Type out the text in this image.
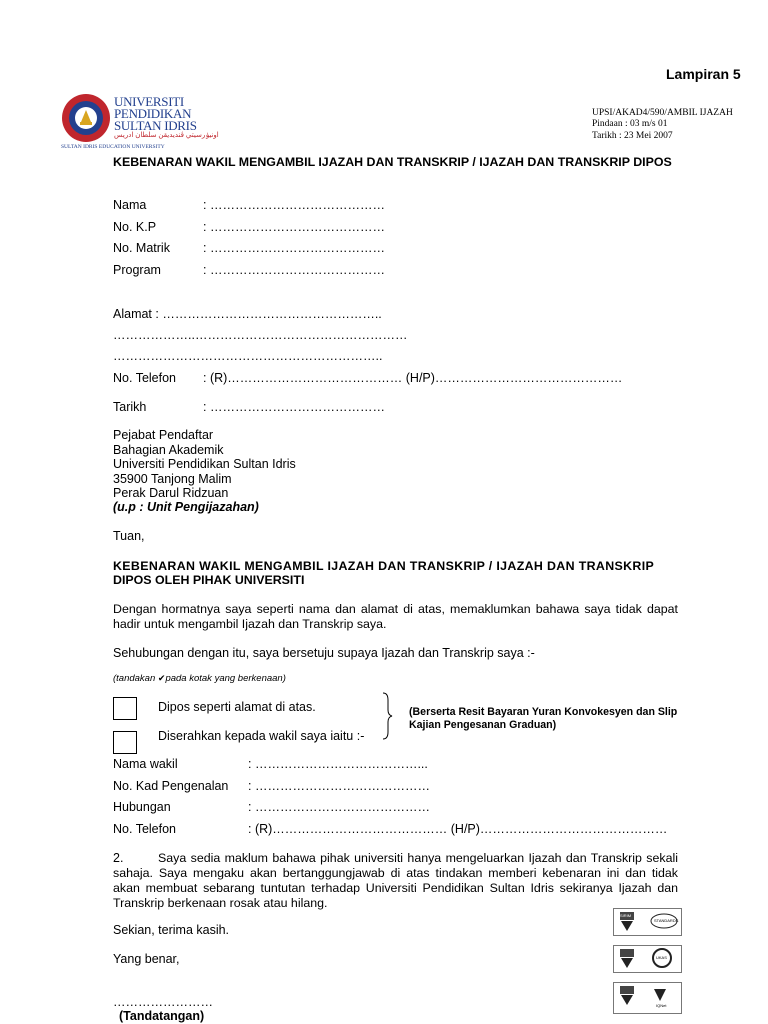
Lampiran 5
UNIVERSITI
PENDIDIKAN
SULTAN IDRIS
اونيۏرسيتي ڤنديديقن سلطان ادريس
SULTAN IDRIS EDUCATION UNIVERSITY
UPSI/AKAD4/590/AMBIL IJAZAH
Pindaan : 03 m/s 01
Tarikh : 23 Mei 2007
KEBENARAN WAKIL MENGAMBIL IJAZAH DAN TRANSKRIP / IJAZAH DAN TRANSKRIP DIPOS
Nama	: ……………………………………
No. K.P	: ……………………………………
No. Matrik	: ……………………………………
Program	: ……………………………………
Alamat : ……………………………………………..
………………..……………………………………………
………………………………………………………..
No. Telefon : (R)…………………………………… (H/P)………………………………………
Tarikh	: ……………………………………
Pejabat Pendaftar
Bahagian Akademik
Universiti Pendidikan Sultan Idris
35900 Tanjong Malim
Perak Darul Ridzuan
(u.p : Unit Pengijazahan)
Tuan,
KEBENARAN WAKIL MENGAMBIL IJAZAH DAN TRANSKRIP / IJAZAH DAN TRANSKRIP
DIPOS OLEH PIHAK UNIVERSITI
Dengan hormatnya saya seperti nama dan alamat di atas, memaklumkan bahawa saya tidak dapat hadir untuk mengambil Ijazah dan Transkrip saya.
Sehubungan dengan itu, saya bersetuju supaya Ijazah dan Transkrip saya :-
(tandakan ✔pada kotak yang berkenaan)
Dipos seperti alamat di atas.
Diserahkan kepada wakil saya iaitu :-
(Berserta Resit Bayaran Yuran Konvokesyen dan Slip
Kajian Pengesanan Graduan)
Nama wakil	: …………………………………...
No. Kad Pengenalan : ……………………………………
Hubungan	: ……………………………………
No. Telefon	: (R)…………………………………… (H/P)………………………………………
2.	Saya sedia maklum bahawa pihak universiti hanya mengeluarkan Ijazah dan Transkrip sekali sahaja. Saya mengaku akan bertanggungjawab di atas tindakan memberi kebenaran ini dan tidak akan membuat sebarang tuntutan terhadap Universiti Pendidikan Sultan Idris sekiranya Ijazah dan Transkrip berkenaan rosak atau hilang.
Sekian, terima kasih.
Yang benar,
……………………
(Tandatangan)
SIRIM
STANDARDS
UKAS
IQNet
